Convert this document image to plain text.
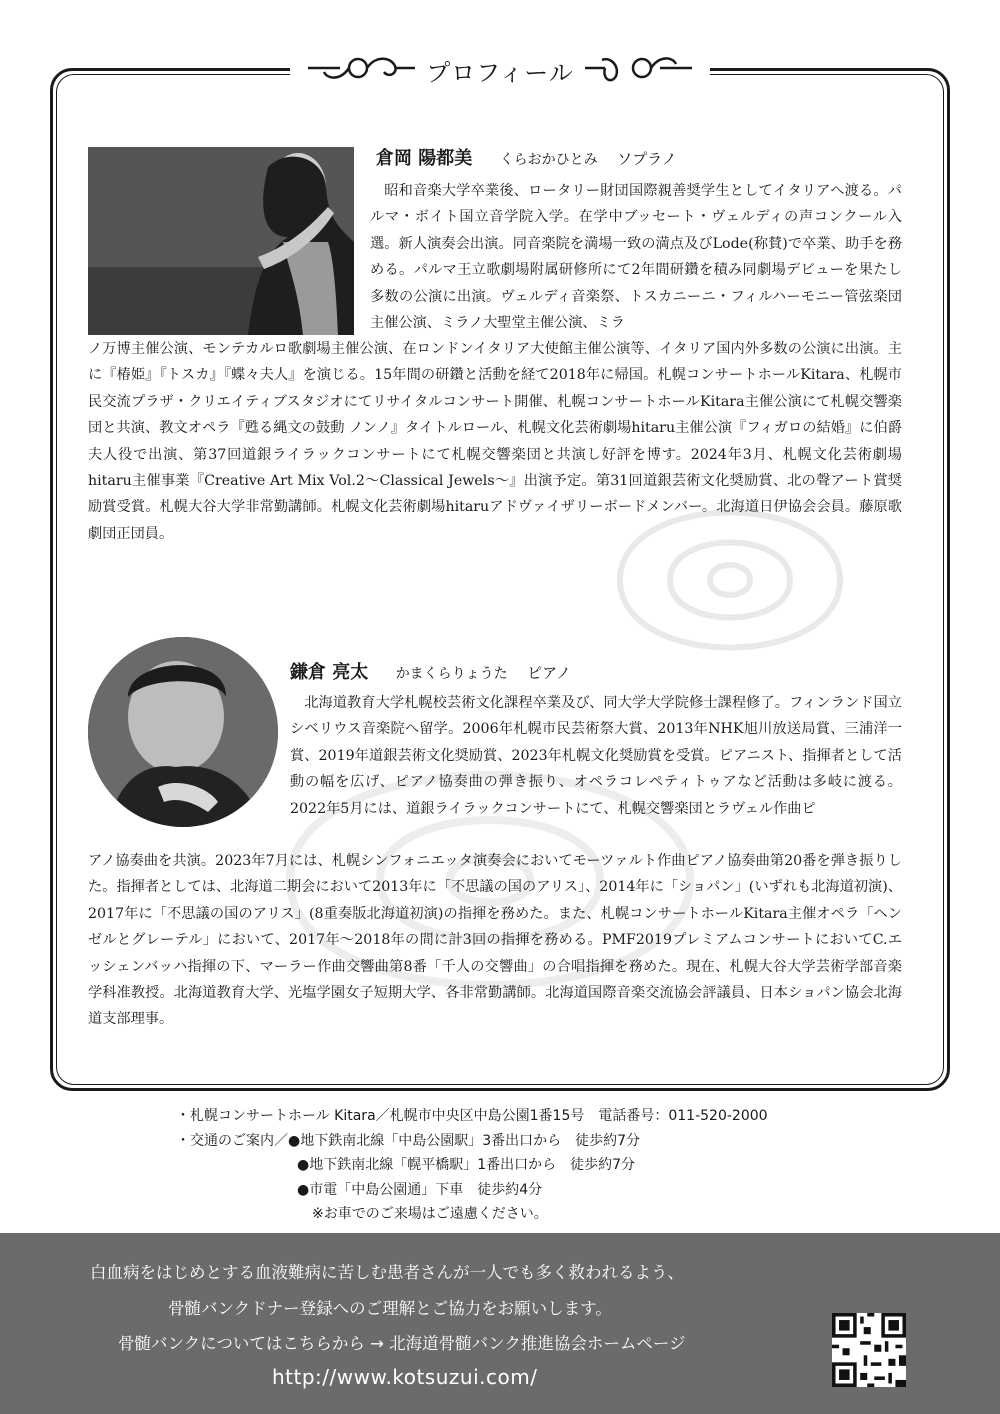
プロフィール
倉岡 陽都美 くらおかひとみ ソプラノ
昭和音楽大学卒業後、ロータリー財団国際親善奨学生としてイタリアへ渡る。パルマ・ボイト国立音学院入学。在学中ブッセート・ヴェルディの声コンクール入選。新人演奏会出演。同音楽院を満場一致の満点及びLode(称賛)で卒業、助手を務める。パルマ王立歌劇場附属研修所にて2年間研鑽を積み同劇場デビューを果たし多数の公演に出演。ヴェルディ音楽祭、トスカニーニ・フィルハーモニー管弦楽団主催公演、ミラノ大聖堂主催公演、ミラ
ノ万博主催公演、モンテカルロ歌劇場主催公演、在ロンドンイタリア大使館主催公演等、イタリア国内外多数の公演に出演。主に『椿姫』『トスカ』『蝶々夫人』を演じる。15年間の研鑽と活動を経て2018年に帰国。札幌コンサートホールKitara、札幌市民交流プラザ・クリエイティブスタジオにてリサイタルコンサート開催、札幌コンサートホールKitara主催公演にて札幌交響楽団と共演、教文オペラ『甦る縄文の鼓動 ノンノ』タイトルロール、札幌文化芸術劇場hitaru主催公演『フィガロの結婚』に伯爵夫人役で出演、第37回道銀ライラックコンサートにて札幌交響楽団と共演し好評を博す。2024年3月、札幌文化芸術劇場hitaru主催事業『Creative Art Mix Vol.2～Classical Jewels～』出演予定。第31回道銀芸術文化奨励賞、北の聲アート賞奨励賞受賞。札幌大谷大学非常勤講師。札幌文化芸術劇場hitaruアドヴァイザリーボードメンバー。北海道日伊協会会員。藤原歌劇団正団員。
鎌倉 亮太 かまくらりょうた ピアノ
北海道教育大学札幌校芸術文化課程卒業及び、同大学大学院修士課程修了。フィンランド国立シベリウス音楽院へ留学。2006年札幌市民芸術祭大賞、2013年NHK旭川放送局賞、三浦洋一賞、2019年道銀芸術文化奨励賞、2023年札幌文化奨励賞を受賞。ピアニスト、指揮者として活動の幅を広げ、ピアノ協奏曲の弾き振り、オペラコレペティトゥアなど活動は多岐に渡る。2022年5月には、道銀ライラックコンサートにて、札幌交響楽団とラヴェル作曲ピ
アノ協奏曲を共演。2023年7月には、札幌シンフォニエッタ演奏会においてモーツァルト作曲ピアノ協奏曲第20番を弾き振りした。指揮者としては、北海道二期会において2013年に「不思議の国のアリス」、2014年に「ショパン」(いずれも北海道初演)、2017年に「不思議の国のアリス」(8重奏版北海道初演)の指揮を務めた。また、札幌コンサートホールKitara主催オペラ「ヘンゼルとグレーテル」において、2017年～2018年の間に計3回の指揮を務める。PMF2019プレミアムコンサートにおいてC.エッシェンバッハ指揮の下、マーラー作曲交響曲第8番「千人の交響曲」の合唱指揮を務めた。現在、札幌大谷大学芸術学部音楽学科准教授。北海道教育大学、光塩学園女子短期大学、各非常勤講師。北海道国際音楽交流協会評議員、日本ショパン協会北海道支部理事。
・札幌コンサートホール Kitara／札幌市中央区中島公園1番15号　電話番号：011-520-2000
・交通のご案内／●地下鉄南北線「中島公園駅」3番出口から　徒歩約7分
●地下鉄南北線「幌平橋駅」1番出口から　徒歩約7分
●市電「中島公園通」下車　徒歩約4分
※お車でのご来場はご遠慮ください。
白血病をはじめとする血液難病に苦しむ患者さんが一人でも多く救われるよう、
骨髄バンクドナー登録へのご理解とご協力をお願いします。
骨髄バンクについてはこちらから → 北海道骨髄バンク推進協会ホームページ
http://www.kotsuzui.com/
